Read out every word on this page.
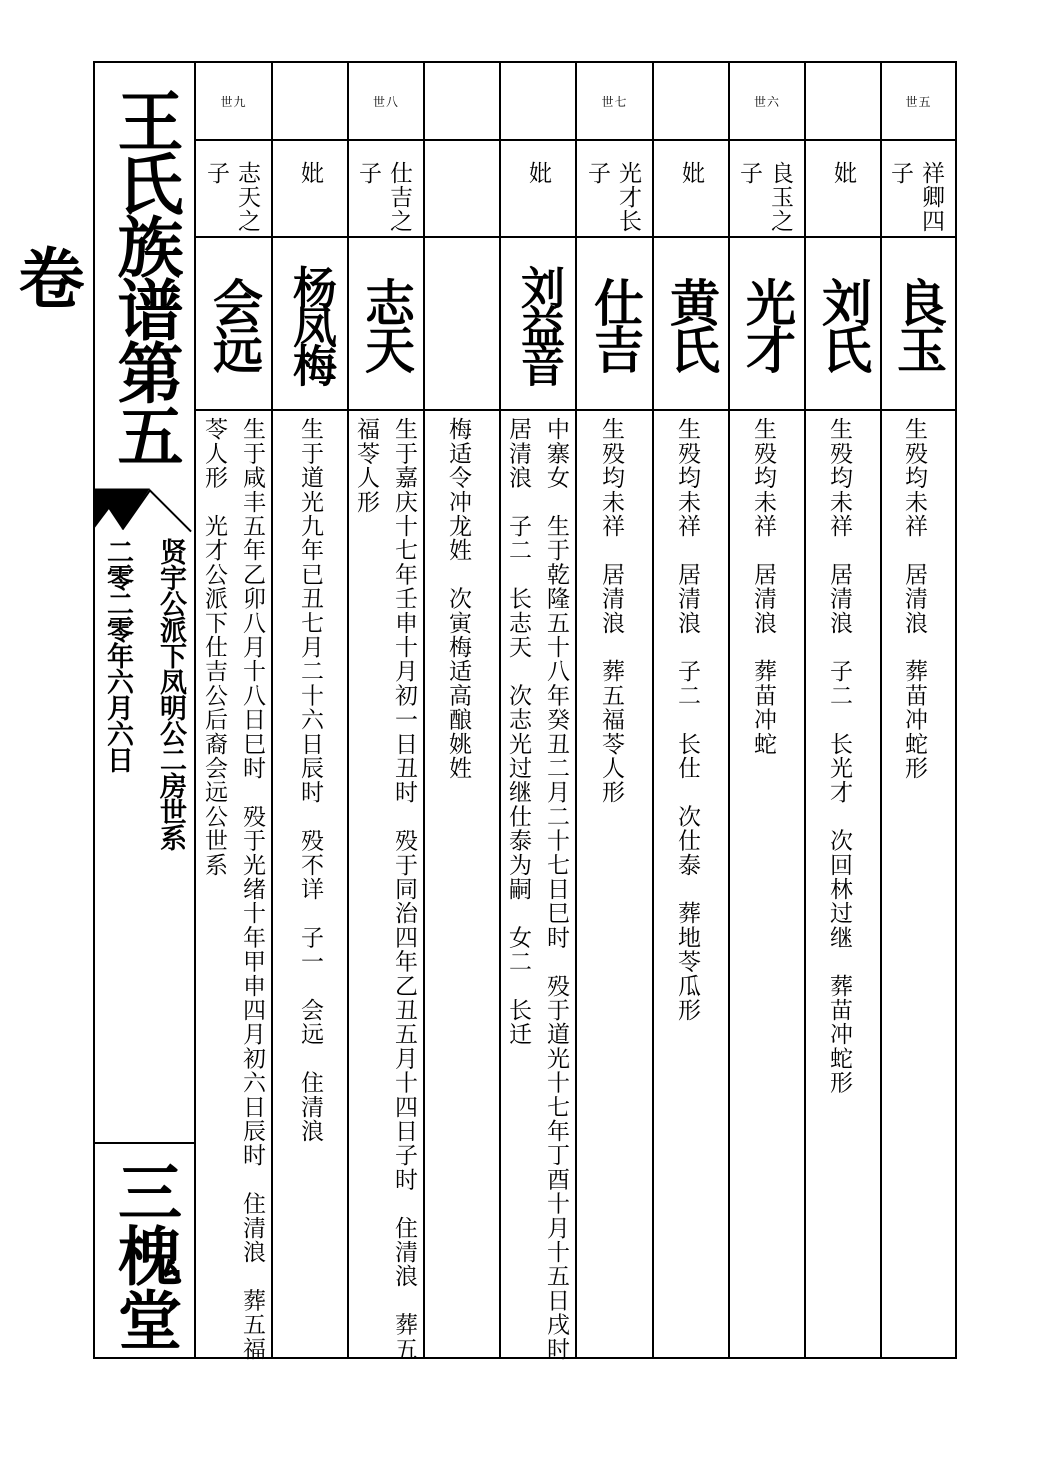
王氏族谱第五卷
贤宇公派下凤明公二房世系
二零二零年六月六日
三槐堂
世九
志天之子
会远
生于咸丰五年乙卯八月十八日巳时　殁于光绪十年甲申四月初六日辰时　住清浪　葬五福苓人形　光才公派下仕吉公后裔会远公世系
妣
杨凤梅
生于道光九年已丑七月二十六日辰时　殁不详　子一　会远　住清浪
世八
仕吉之子
志天
生于嘉庆十七年壬申十月初一日丑时　殁于同治四年乙丑五月十四日子时　住清浪　葬五福苓人形	梅适令冲龙姓　次寅梅适高酿姚姓
妣
刘益音
中寨女　生于乾隆五十八年癸丑二月二十七日巳时　殁于道光十七年丁酉十月十五日戌时　居清浪　子二　长志天　次志光过继仕泰为嗣　女二　长迁
世七
光才长子
仕吉
生殁均未祥　居清浪　葬五福苓人形
妣
黄氏
生殁均未祥　居清浪　子二　长仕　次仕泰　葬地苓瓜形
世六
良玉之子
光才
生殁均未祥　居清浪　葬苗冲蛇
妣
刘氏
生殁均未祥　居清浪　子二　长光才　次回林过继　葬苗冲蛇形
世五
祥卿四子
良玉
生殁均未祥　居清浪　葬苗冲蛇形
